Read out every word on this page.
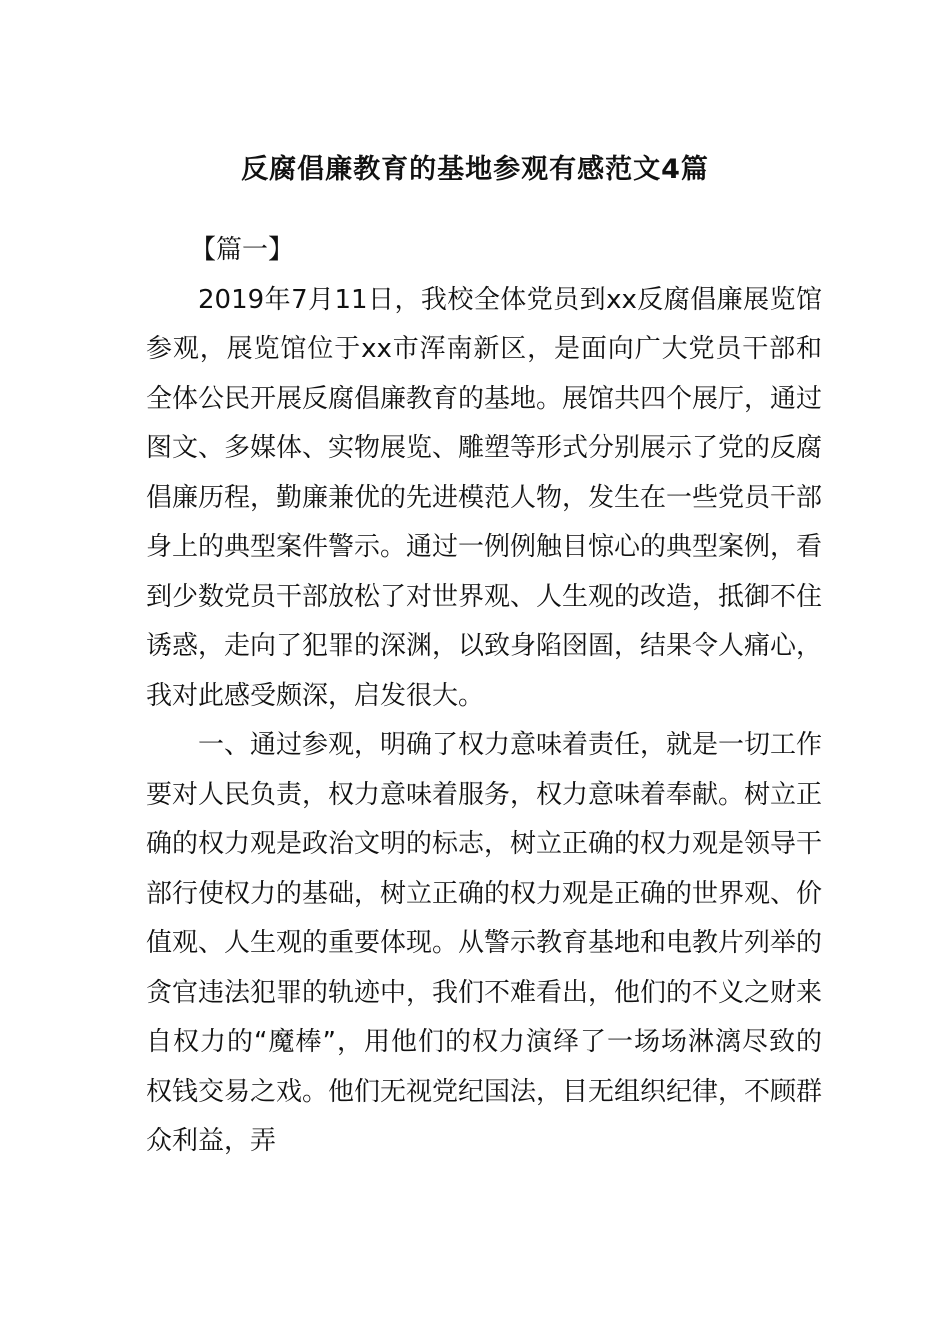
反腐倡廉教育的基地参观有感范文4篇

【篇一】

2019年7月11日，我校全体党员到xx反腐倡廉展览馆参观，展览馆位于xx市浑南新区，是面向广大党员干部和全体公民开展反腐倡廉教育的基地。展馆共四个展厅，通过图文、多媒体、实物展览、雕塑等形式分别展示了党的反腐倡廉历程，勤廉兼优的先进模范人物，发生在一些党员干部身上的典型案件警示。通过一例例触目惊心的典型案例，看到少数党员干部放松了对世界观、人生观的改造，抵御不住诱惑，走向了犯罪的深渊，以致身陷囹圄，结果令人痛心，我对此感受颇深，启发很大。

一、通过参观，明确了权力意味着责任，就是一切工作要对人民负责，权力意味着服务，权力意味着奉献。树立正确的权力观是政治文明的标志，树立正确的权力观是领导干部行使权力的基础，树立正确的权力观是正确的世界观、价值观、人生观的重要体现。从警示教育基地和电教片列举的贪官违法犯罪的轨迹中，我们不难看出，他们的不义之财来自权力的“魔棒”，用他们的权力演绎了一场场淋漓尽致的权钱交易之戏。他们无视党纪国法，目无组织纪律，不顾群众利益，弄
